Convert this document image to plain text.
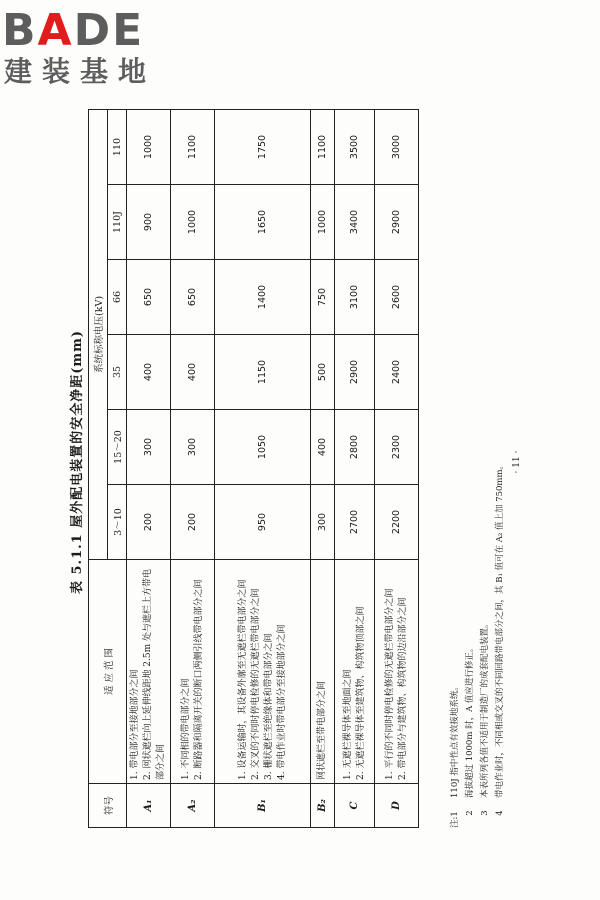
BADE
建装基地
表 5.1.1 屋外配电装置的安全净距(mm)
符号	适 应 范 围	系统标称电压(kV)					
		3～10	15～20	35	66	110J	110
A₁	1. 带电部分至接地部分之间 2. 网状遮栏向上延伸线距地 2.5m 处与遮栏上方带电部分之间	200	300	400	650	900	1000
A₂	1. 不同相的带电部分之间 2. 断路器和隔离开关的断口两侧引线带电部分之间	200	300	400	650	1000	1100
B₁	1. 设备运输时，其设备外廓至无遮栏带电部分之间 2. 交叉的不同时停电检修的无遮栏带电部分之间 3. 栅状遮栏至绝缘体和带电部分之间 4. 带电作业时带电部分至接地部分之间	950	1050	1150	1400	1650	1750
B₂	网状遮栏至带电部分之间	300	400	500	750	1000	1100
C	1. 无遮栏裸导体至地面之间 2. 无遮栏裸导体至建筑物、构筑物顶部之间	2700	2800	2900	3100	3400	3500
D	1. 平行的不同时停电检修的无遮栏带电部分之间 2. 带电部分与建筑物、构筑物的边沿部分之间	2200	2300	2400	2600	2900	3000
注:1
110J 指中性点有效接地系统。
2
海拔超过 1000m 时，A 值应进行修正。
3
本表所列各值不适用于制造厂的成套配电装置。
4
带电作业时，不同相或交叉的不同回路带电部分之间，其 B₁ 值可在 A₂ 值上加 750mm。 · 11 ·
